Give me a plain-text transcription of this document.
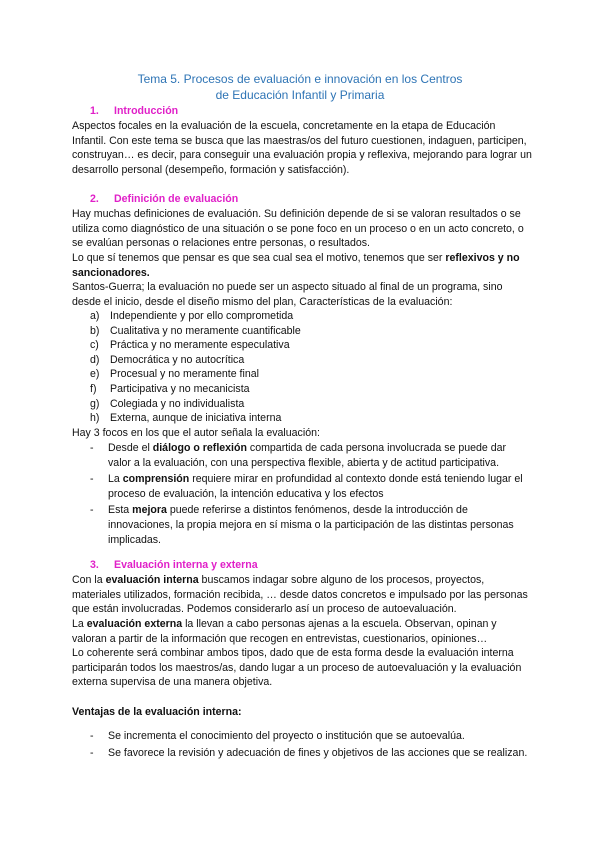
Tema 5. Procesos de evaluación e innovación en los Centros
de Educación Infantil y Primaria
1. Introducción
Aspectos focales en la evaluación de la escuela, concretamente en la etapa de Educación Infantil. Con este tema se busca que las maestras/os del futuro cuestionen, indaguen, participen, construyan… es decir, para conseguir una evaluación propia y reflexiva, mejorando para lograr un desarrollo personal (desempeño, formación y satisfacción).
2. Definición de evaluación
Hay muchas definiciones de evaluación. Su definición depende de si se valoran resultados o se utiliza como diagnóstico de una situación o se pone foco en un proceso o en un acto concreto, o se evalúan personas o relaciones entre personas, o resultados.
Lo que sí tenemos que pensar es que sea cual sea el motivo, tenemos que ser reflexivos y no sancionadores.
Santos-Guerra; la evaluación no puede ser un aspecto situado al final de un programa, sino desde el inicio, desde el diseño mismo del plan, Características de la evaluación:
a) Independiente y por ello comprometida
b) Cualitativa y no meramente cuantificable
c) Práctica y no meramente especulativa
d) Democrática y no autocrítica
e) Procesual y no meramente final
f) Participativa y no mecanicista
g) Colegiada y no individualista
h) Externa, aunque de iniciativa interna
Hay 3 focos en los que el autor señala la evaluación:
- Desde el diálogo o reflexión compartida de cada persona involucrada se puede dar valor a la evaluación, con una perspectiva flexible, abierta y de actitud participativa.
- La comprensión requiere mirar en profundidad al contexto donde está teniendo lugar el proceso de evaluación, la intención educativa y los efectos
- Esta mejora puede referirse a distintos fenómenos, desde la introducción de innovaciones, la propia mejora en sí misma o la participación de las distintas personas implicadas.
3. Evaluación interna y externa
Con la evaluación interna buscamos indagar sobre alguno de los procesos, proyectos, materiales utilizados, formación recibida, … desde datos concretos e impulsado por las personas que están involucradas. Podemos considerarlo así un proceso de autoevaluación.
La evaluación externa la llevan a cabo personas ajenas a la escuela. Observan, opinan y valoran a partir de la información que recogen en entrevistas, cuestionarios, opiniones…
Lo coherente será combinar ambos tipos, dado que de esta forma desde la evaluación interna participarán todos los maestros/as, dando lugar a un proceso de autoevaluación y la evaluación externa supervisa de una manera objetiva.
Ventajas de la evaluación interna:
- Se incrementa el conocimiento del proyecto o institución que se autoevalúa.
- Se favorece la revisión y adecuación de fines y objetivos de las acciones que se realizan.
